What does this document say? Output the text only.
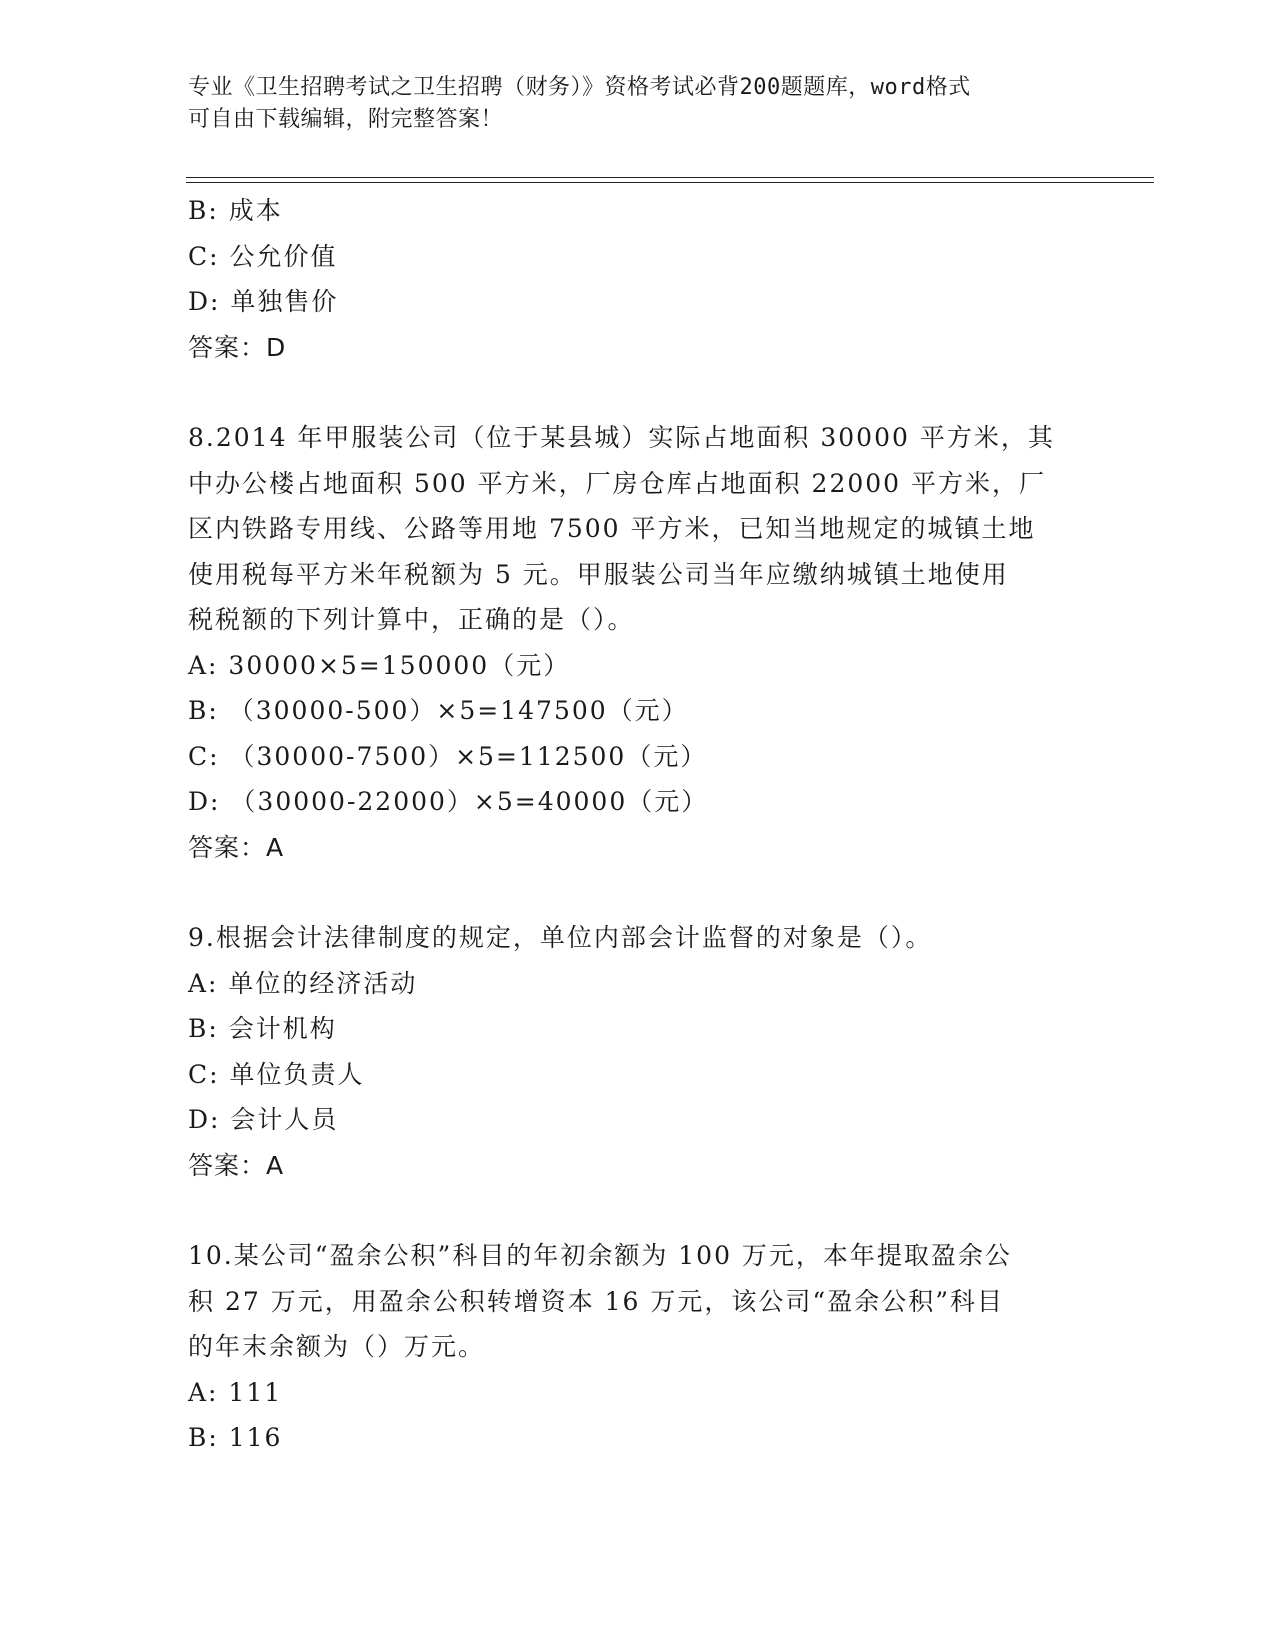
专业《卫生招聘考试之卫生招聘（财务）》资格考试必背200题题库，word格式
可自由下载编辑，附完整答案！
B: 成本
C: 公允价值
D: 单独售价
答案：D
8.2014 年甲服装公司（位于某县城）实际占地面积 30000 平方米，其
中办公楼占地面积 500 平方米，厂房仓库占地面积 22000 平方米，厂
区内铁路专用线、公路等用地 7500 平方米，已知当地规定的城镇土地
使用税每平方米年税额为 5 元。甲服装公司当年应缴纳城镇土地使用
税税额的下列计算中，正确的是（）。
A: 30000×5=150000（元）
B: （30000-500）×5=147500（元）
C: （30000-7500）×5=112500（元）
D: （30000-22000）×5=40000（元）
答案：A
9.根据会计法律制度的规定，单位内部会计监督的对象是（）。
A: 单位的经济活动
B: 会计机构
C: 单位负责人
D: 会计人员
答案：A
10.某公司“盈余公积”科目的年初余额为 100 万元，本年提取盈余公
积 27 万元，用盈余公积转增资本 16 万元，该公司“盈余公积”科目
的年末余额为（）万元。
A: 111
B: 116
